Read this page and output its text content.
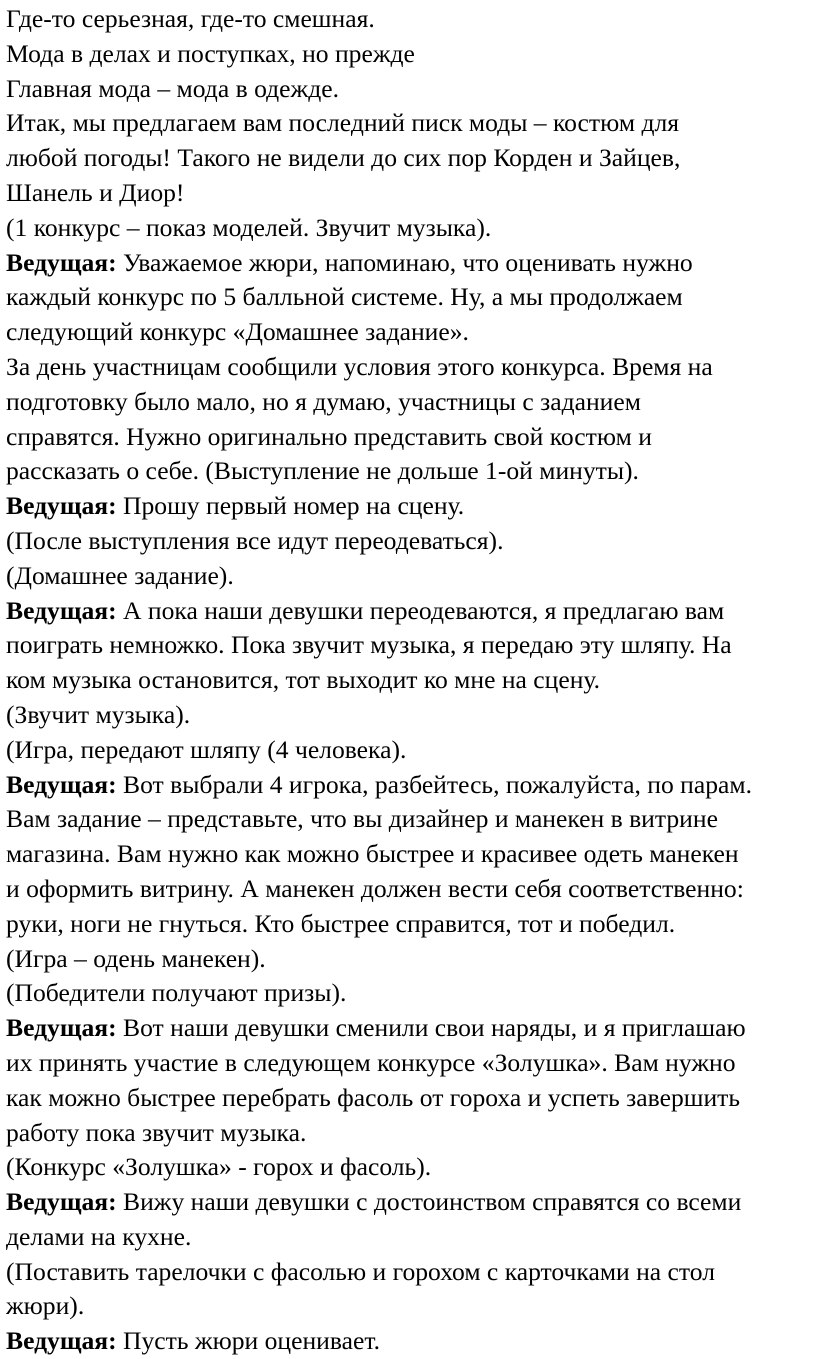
Где-то серьезная, где-то смешная.
Мода в делах и поступках, но прежде
Главная мода – мода в одежде.
Итак, мы предлагаем вам последний писк моды – костюм для
любой погоды! Такого не видели до сих пор Корден и Зайцев,
Шанель и Диор!
(1 конкурс – показ моделей. Звучит музыка).
Ведущая: Уважаемое жюри, напоминаю, что оценивать нужно
каждый конкурс по 5 балльной системе. Ну, а мы продолжаем
следующий конкурс «Домашнее задание».
За день участницам сообщили условия этого конкурса. Время на
подготовку было мало, но я думаю, участницы с заданием
справятся. Нужно оригинально представить свой костюм и
рассказать о себе. (Выступление не дольше 1-ой минуты).
Ведущая: Прошу первый номер на сцену.
(После выступления все идут переодеваться).
(Домашнее задание).
Ведущая: А пока наши девушки переодеваются, я предлагаю вам
поиграть немножко. Пока звучит музыка, я передаю эту шляпу. На
ком музыка остановится, тот выходит ко мне на сцену.
(Звучит музыка).
(Игра, передают шляпу (4 человека).
Ведущая: Вот выбрали 4 игрока, разбейтесь, пожалуйста, по парам.
Вам задание – представьте, что вы дизайнер и манекен в витрине
магазина. Вам нужно как можно быстрее и красивее одеть манекен
и оформить витрину. А манекен должен вести себя соответственно:
руки, ноги не гнуться. Кто быстрее справится, тот и победил.
(Игра – одень манекен).
(Победители получают призы).
Ведущая: Вот наши девушки сменили свои наряды, и я приглашаю
их принять участие в следующем конкурсе «Золушка». Вам нужно
как можно быстрее перебрать фасоль от гороха и успеть завершить
работу пока звучит музыка.
(Конкурс «Золушка» - горох и фасоль).
Ведущая: Вижу наши девушки с достоинством справятся со всеми
делами на кухне.
(Поставить тарелочки с фасолью и горохом с карточками на стол
жюри).
Ведущая: Пусть жюри оценивает.
